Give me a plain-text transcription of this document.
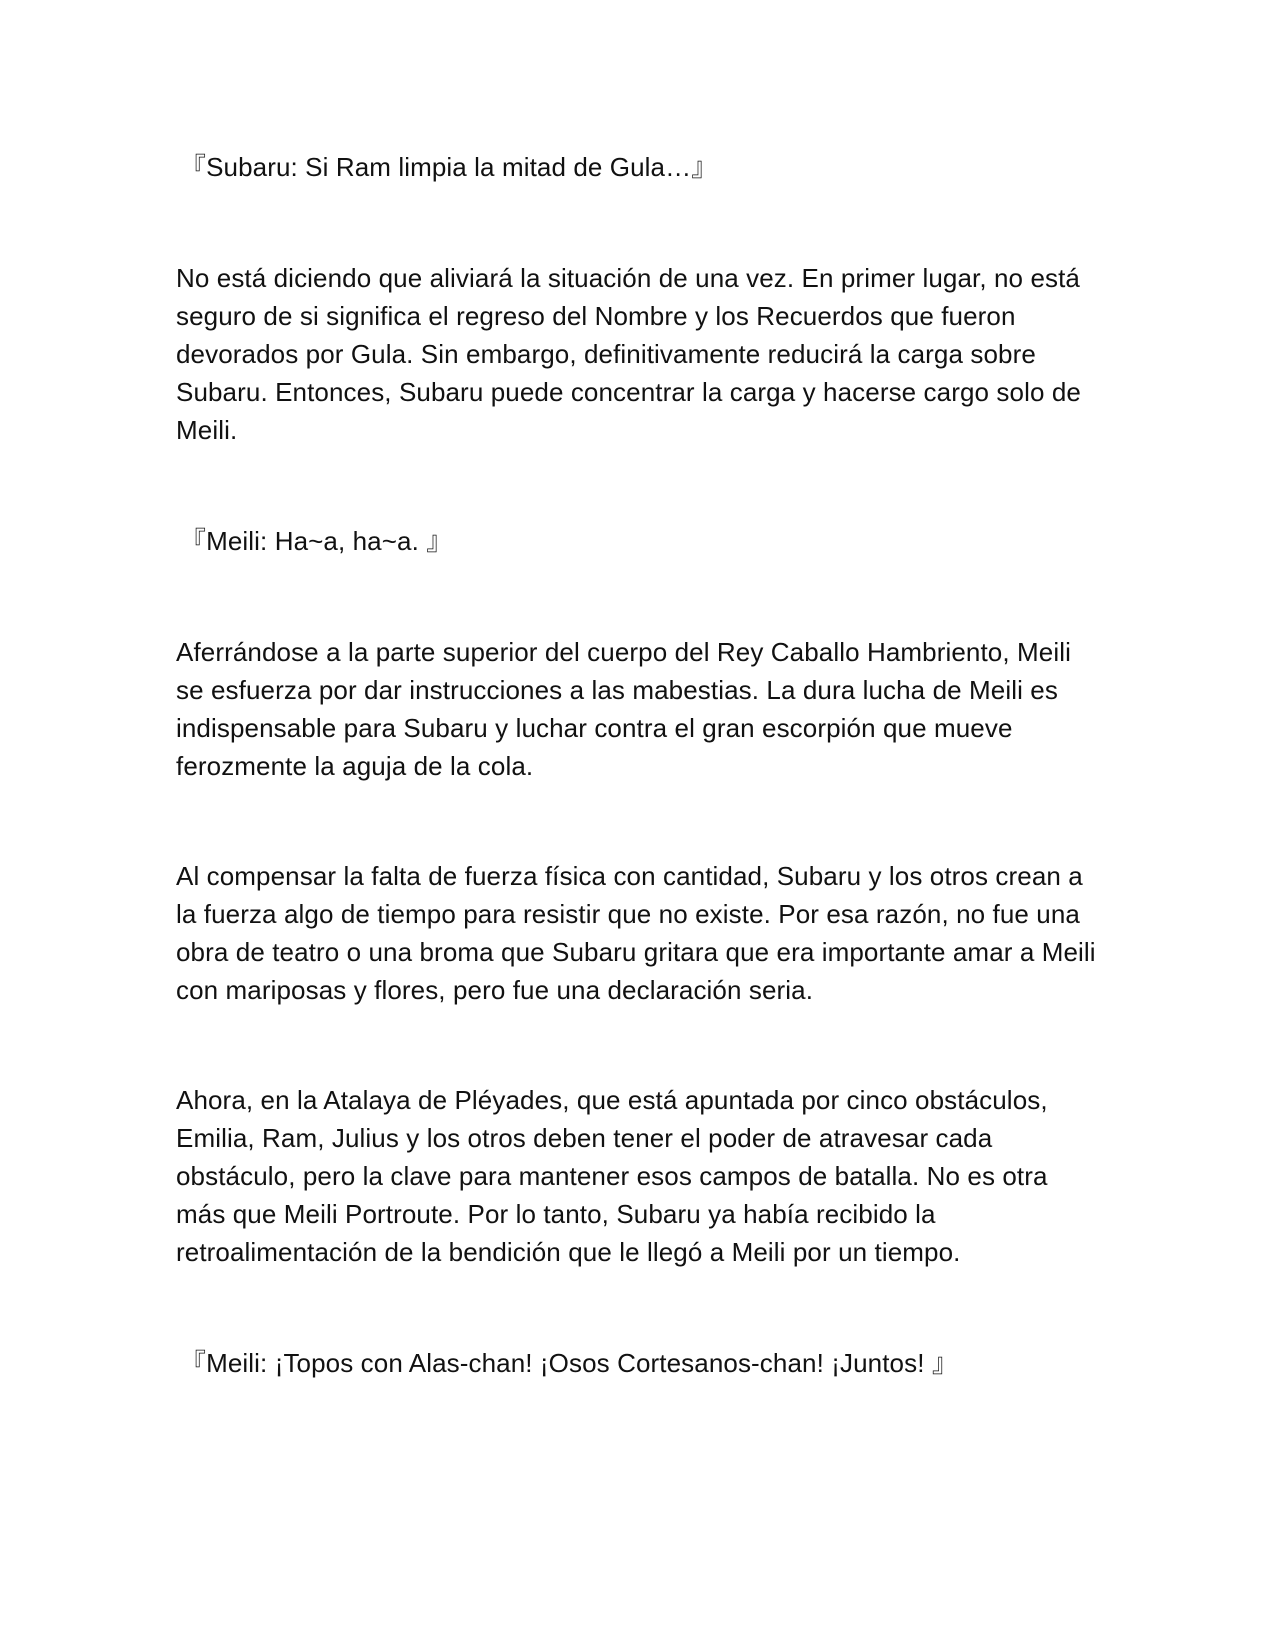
『Subaru: Si Ram limpia la mitad de Gula…』

No está diciendo que aliviará la situación de una vez. En primer lugar, no está seguro de si significa el regreso del Nombre y los Recuerdos que fueron devorados por Gula. Sin embargo, definitivamente reducirá la carga sobre Subaru. Entonces, Subaru puede concentrar la carga y hacerse cargo solo de Meili.

『Meili: Ha~a, ha~a. 』

Aferrándose a la parte superior del cuerpo del Rey Caballo Hambriento, Meili se esfuerza por dar instrucciones a las mabestias. La dura lucha de Meili es indispensable para Subaru y luchar contra el gran escorpión que mueve ferozmente la aguja de la cola.

Al compensar la falta de fuerza física con cantidad, Subaru y los otros crean a la fuerza algo de tiempo para resistir que no existe. Por esa razón, no fue una obra de teatro o una broma que Subaru gritara que era importante amar a Meili con mariposas y flores, pero fue una declaración seria.

Ahora, en la Atalaya de Pléyades, que está apuntada por cinco obstáculos, Emilia, Ram, Julius y los otros deben tener el poder de atravesar cada obstáculo, pero la clave para mantener esos campos de batalla. No es otra más que Meili Portroute. Por lo tanto, Subaru ya había recibido la retroalimentación de la bendición que le llegó a Meili por un tiempo.

『Meili: ¡Topos con Alas-chan! ¡Osos Cortesanos-chan! ¡Juntos! 』
